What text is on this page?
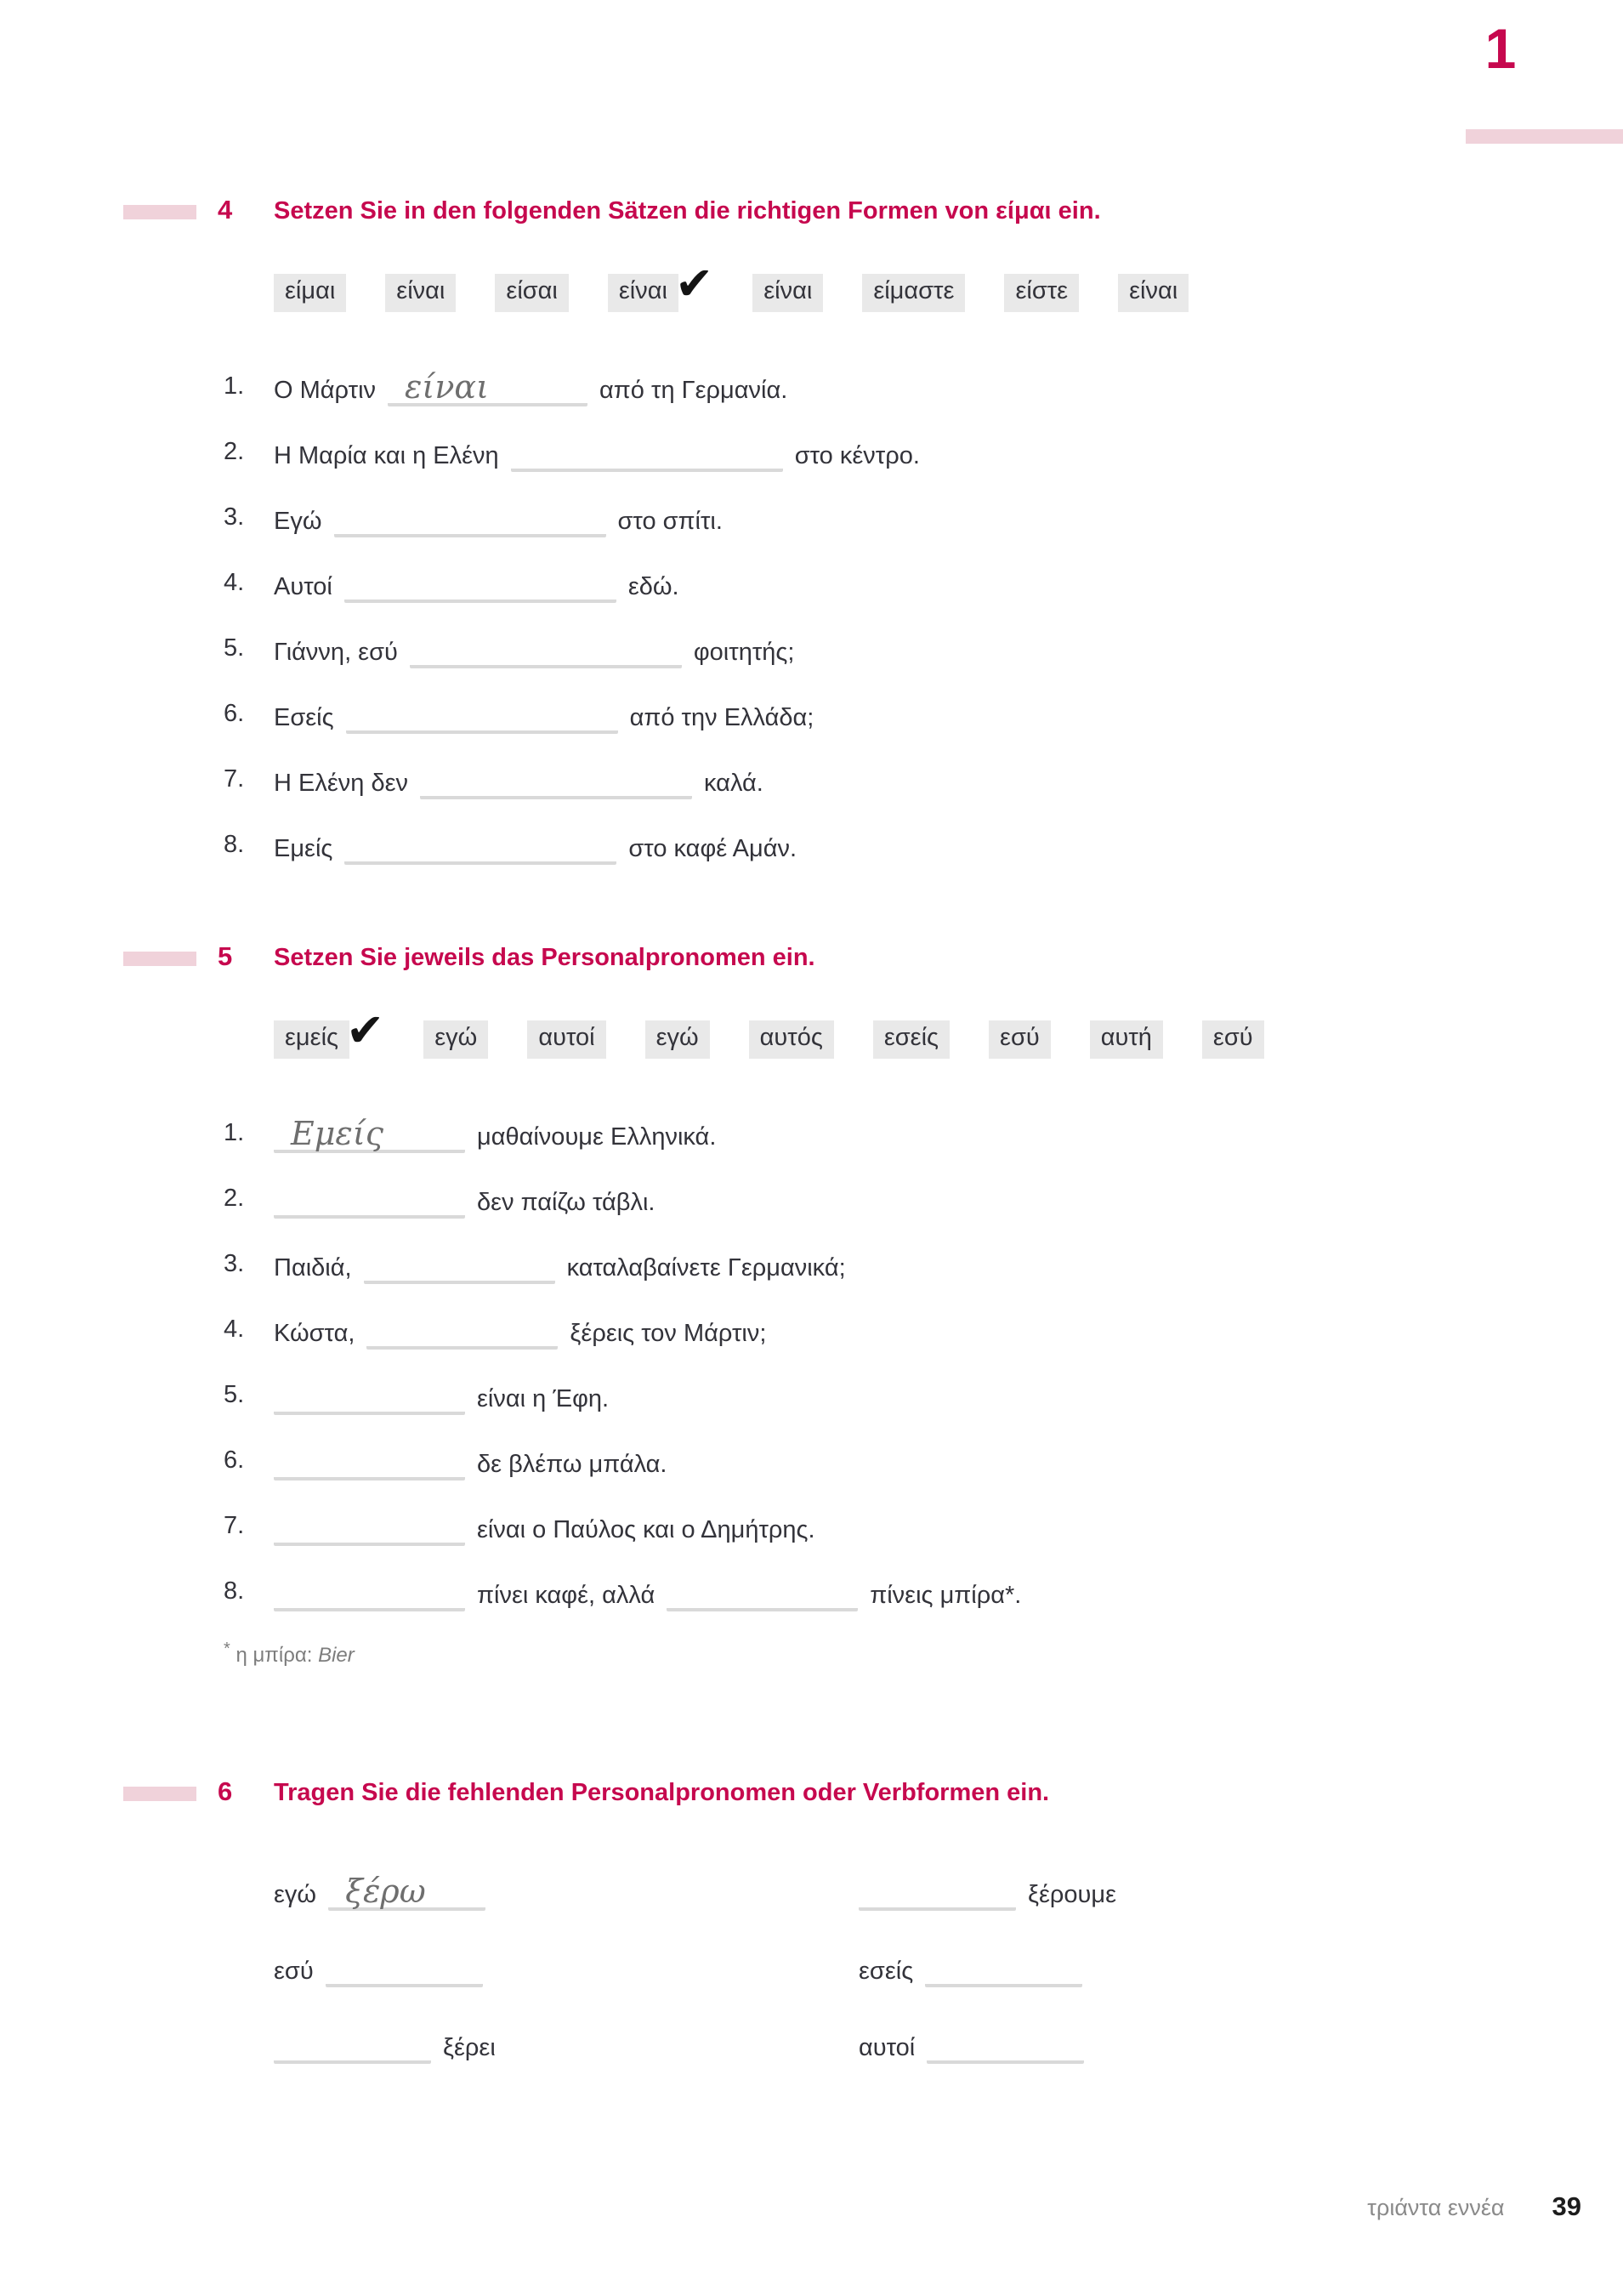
1
4 Setzen Sie in den folgenden Sätzen die richtigen Formen von είμαι ein.
είμαι	είναι	είσαι	είναι ✔	είναι	είμαστε	είστε	είναι
1.	Ο Μάρτιν είναι	από τη Γερμανία.
2.	Η Μαρία και η Ελένη	στο κέντρο.
3.	Εγώ	στο σπίτι.
4.	Αυτοί	εδώ.
5.	Γιάννη, εσύ	φοιτητής;
6.	Εσείς	από την Ελλάδα;
7.	Η Ελένη δεν	καλά.
8.	Εμείς	στο καφέ Αμάν.
5 Setzen Sie jeweils das Personalpronomen ein.
εμείς ✔	εγώ	αυτοί	εγώ	αυτός	εσείς	εσύ	αυτή	εσύ
1.	Εμείς	μαθαίνουμε Ελληνικά.
2.	δεν παίζω τάβλι.
3.	Παιδιά,	καταλαβαίνετε Γερμανικά;
4.	Κώστα,	ξέρεις τον Μάρτιν;
5.	είναι η Έφη.
6.	δε βλέπω μπάλα.
7.	είναι ο Παύλος και ο Δημήτρης.
8.	πίνει καφέ, αλλά	πίνεις μπίρα*.
* η μπίρα: Bier
6 Tragen Sie die fehlenden Personalpronomen oder Verbformen ein.
εγώ ξέρω	ξέρουμε
εσύ	εσείς
ξέρει	αυτοί
τριάντα εννέα 39
